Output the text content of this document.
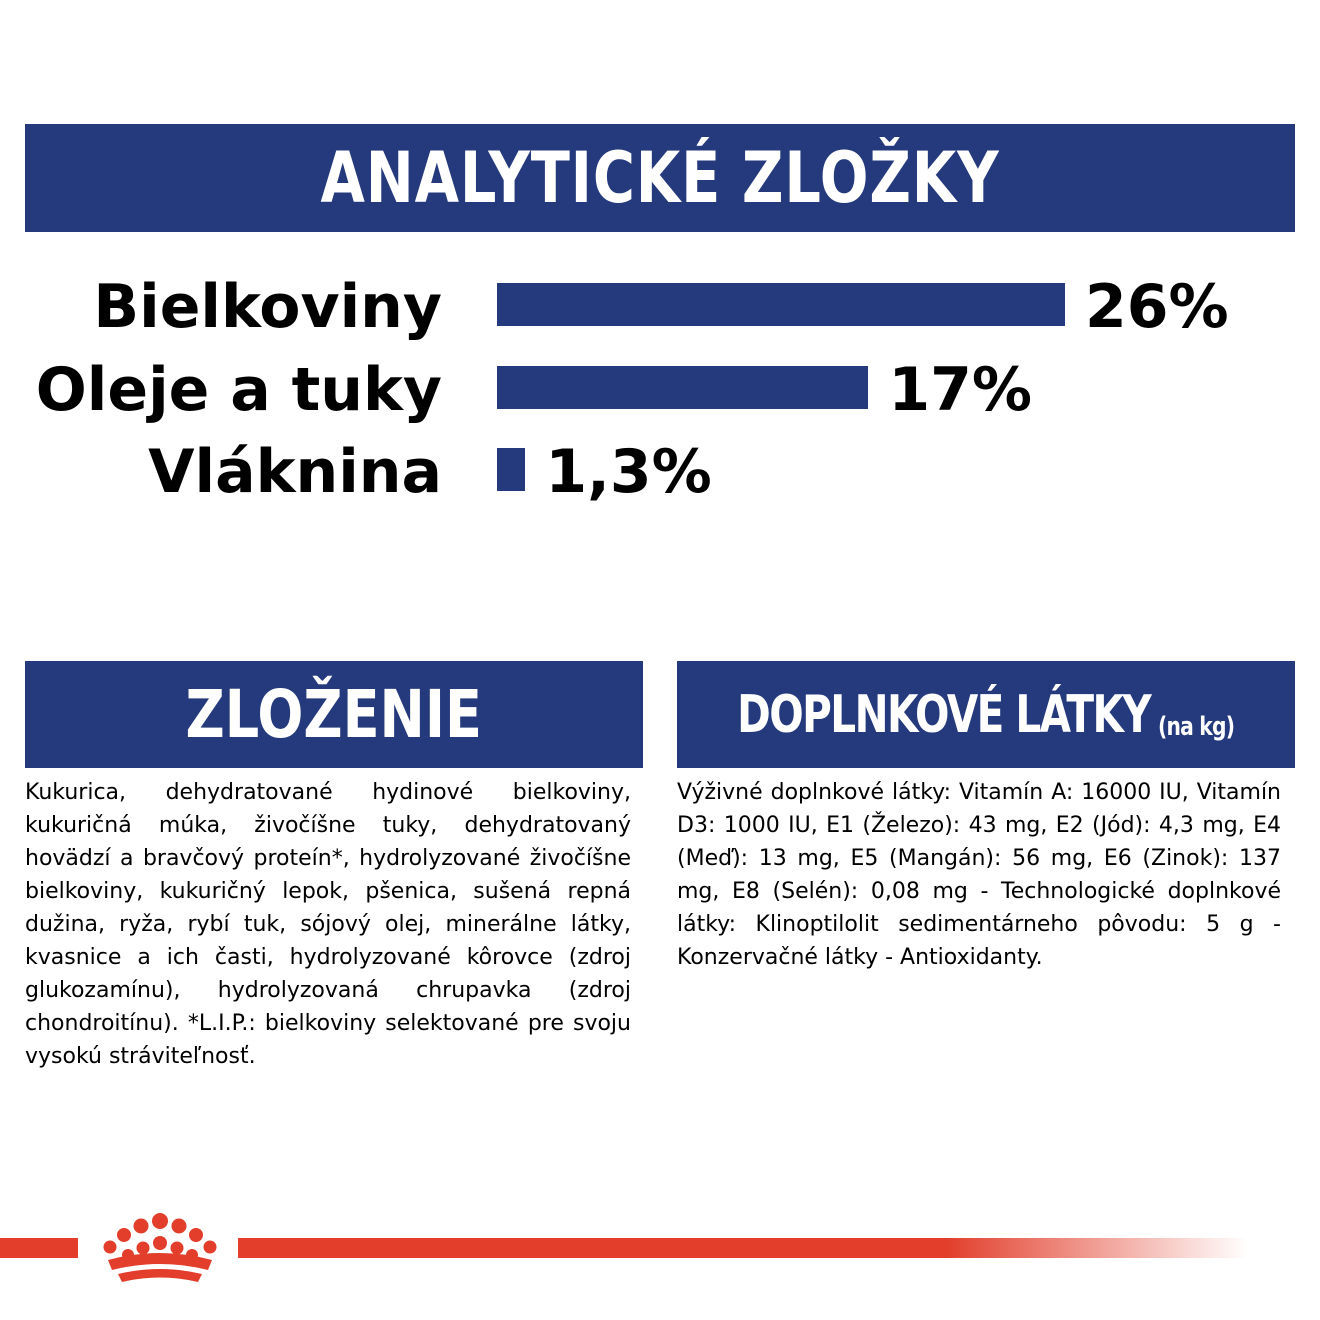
ANALYTICKÉ ZLOŽKY
Bielkoviny	26%
Oleje a tuky	17%
Vláknina 1,3%
ZLOŽENIE	DOPLNKOVÉ LÁTKY (na kg)

Kukurica, dehydratované hydinové bielkoviny, kukuričná múka, živočíšne tuky, dehydratovaný hovädzí a bravčový proteín*, hydrolyzované živočíšne bielkoviny, kukuričný lepok, pšenica, sušená repná dužina, ryža, rybí tuk, sójový olej, minerálne látky, kvasnice a ich časti, hydrolyzované kôrovce (zdroj glukozamínu), hydrolyzovaná chrupavka (zdroj chondroitínu). *L.I.P.: bielkoviny selektované pre svoju vysokú stráviteľnosť.

Výživné doplnkové látky: Vitamín A: 16000 IU, Vitamín D3: 1000 IU, E1 (Železo): 43 mg, E2 (Jód): 4,3 mg, E4 (Meď): 13 mg, E5 (Mangán): 56 mg, E6 (Zinok): 137 mg, E8 (Selén): 0,08 mg - Technologické doplnkové látky: Klinoptilolit sedimentárneho pôvodu: 5 g - Konzervačné látky - Antioxidanty.
